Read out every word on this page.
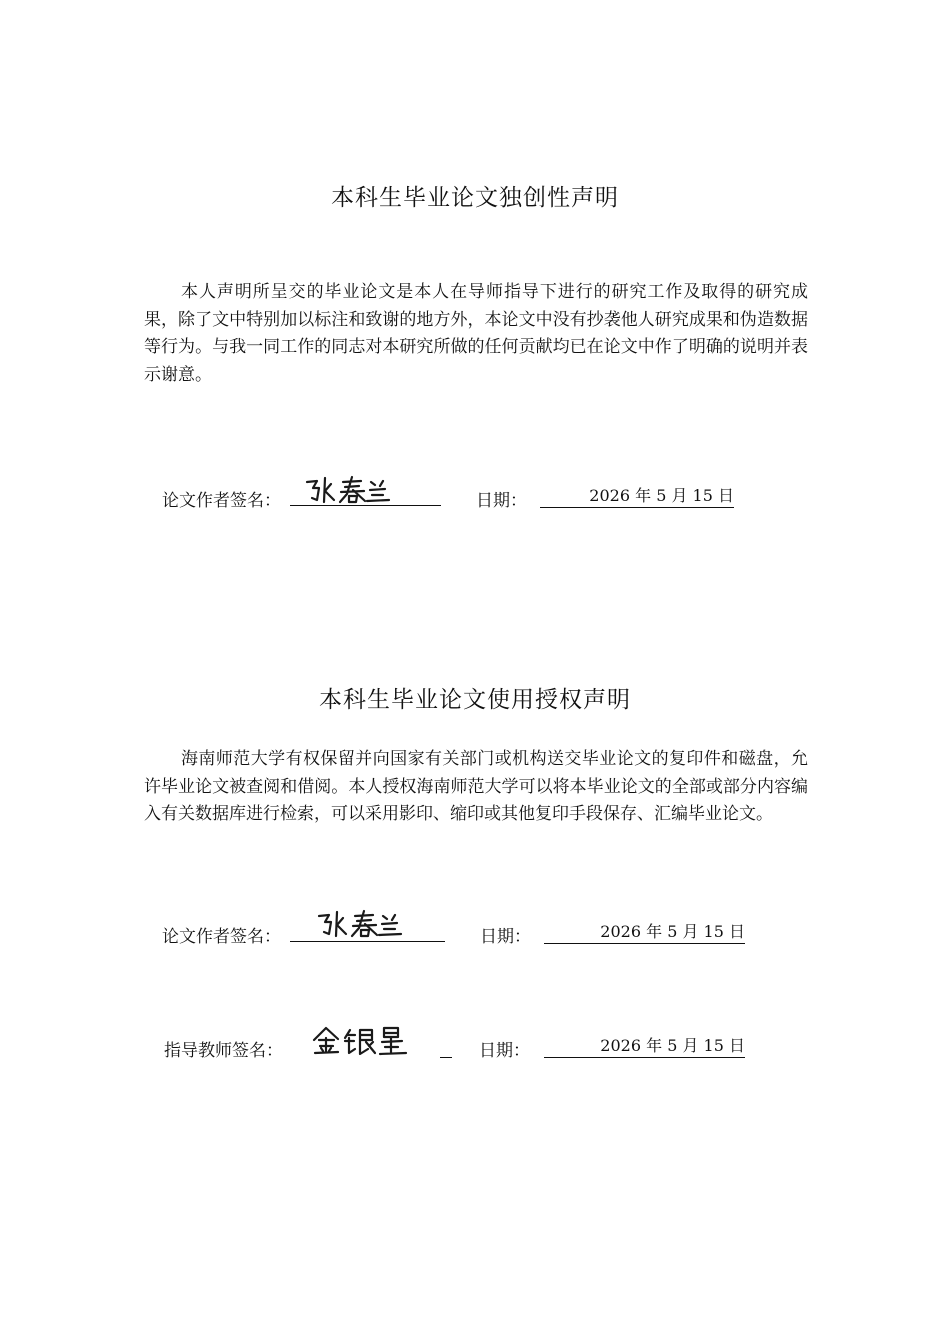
本科生毕业论文独创性声明

本人声明所呈交的毕业论文是本人在导师指导下进行的研究工作及取得的研究成果，除了文中特别加以标注和致谢的地方外，本论文中没有抄袭他人研究成果和伪造数据等行为。与我一同工作的同志对本研究所做的任何贡献均已在论文中作了明确的说明并表示谢意。

论文作者签名：	日期：	2026 年 5 月 15 日
本科生毕业论文使用授权声明

海南师范大学有权保留并向国家有关部门或机构送交毕业论文的复印件和磁盘，允许毕业论文被查阅和借阅。本人授权海南师范大学可以将本毕业论文的全部或部分内容编入有关数据库进行检索，可以采用影印、缩印或其他复印手段保存、汇编毕业论文。

论文作者签名：	日期：	2026 年 5 月 15 日
指导教师签名：	日期：	2026 年 5 月 15 日
